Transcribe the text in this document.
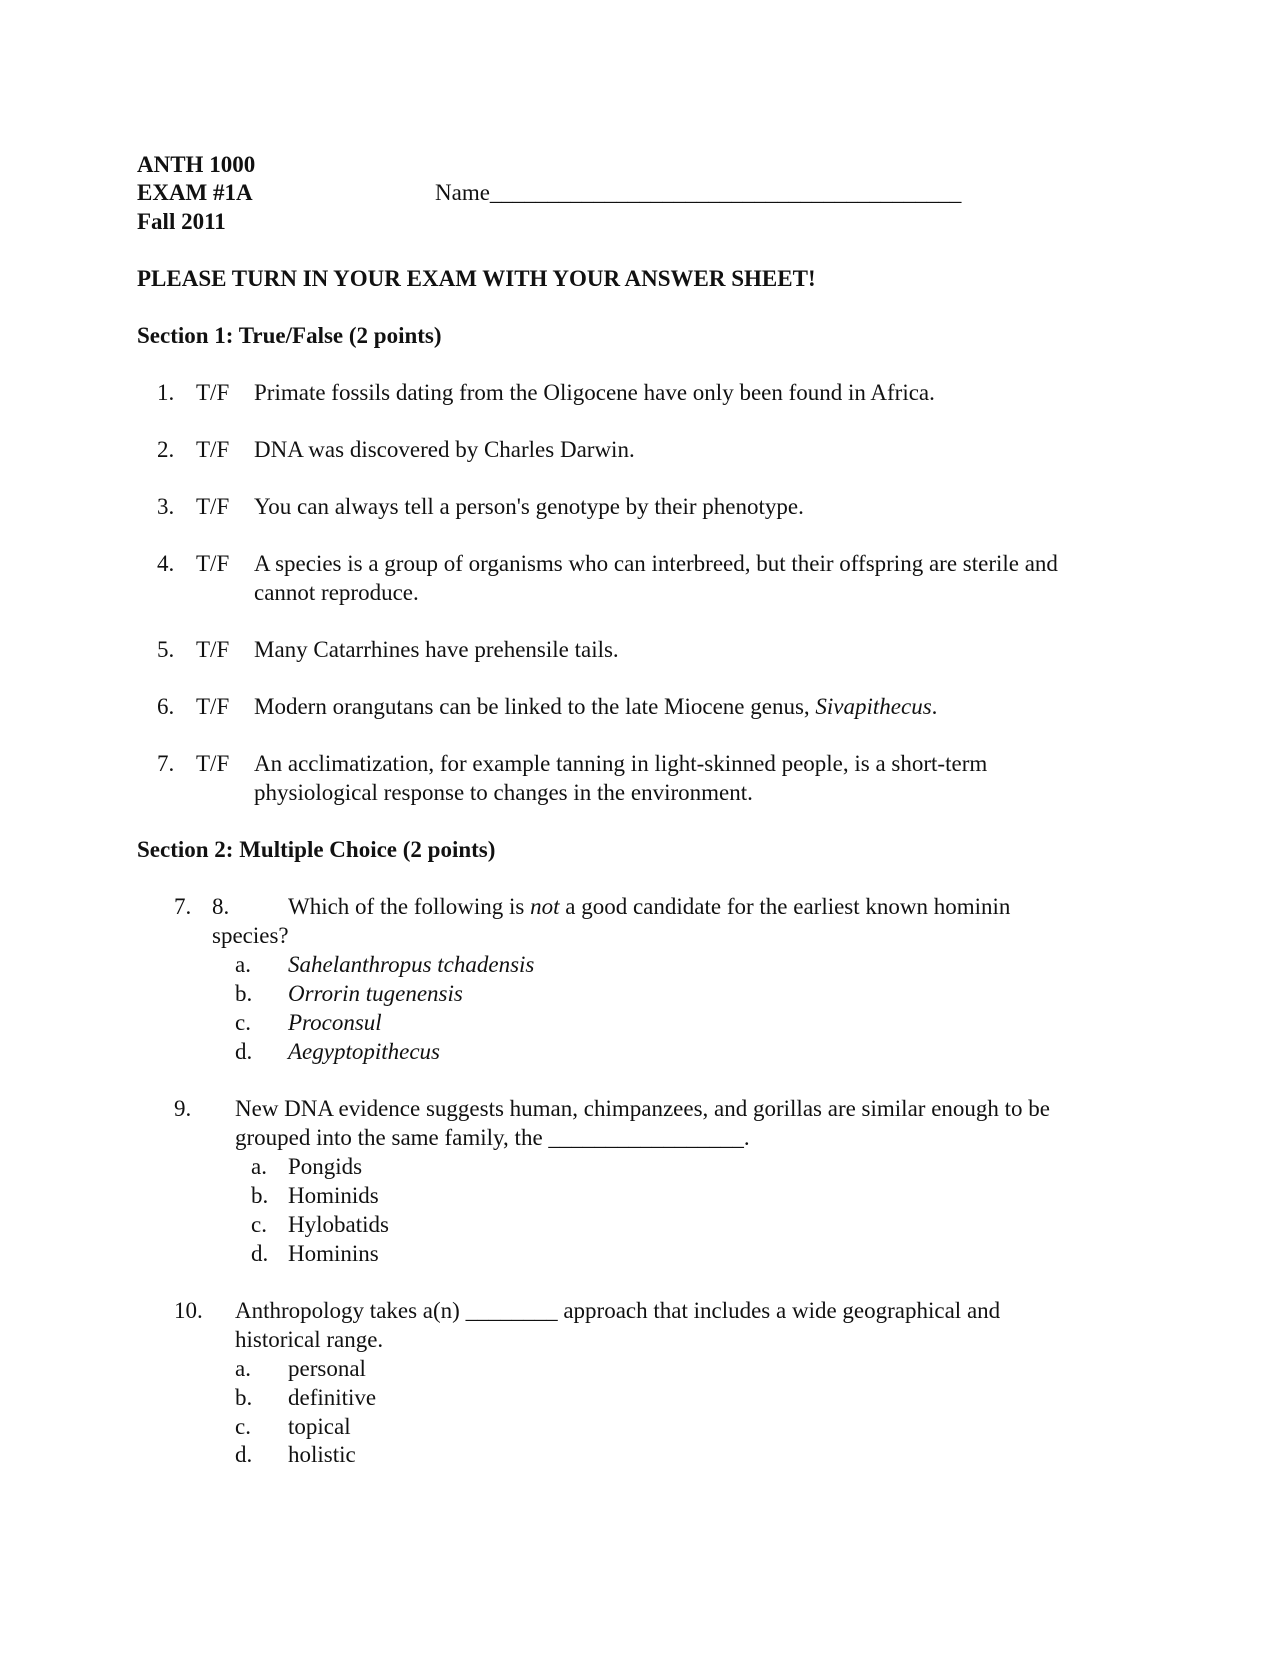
ANTH 1000
EXAM #1A
Fall 2011
Name_________________________________________
PLEASE TURN IN YOUR EXAM WITH YOUR ANSWER SHEET!
Section 1: True/False (2 points)
1. T/F Primate fossils dating from the Oligocene have only been found in Africa.
2. T/F DNA was discovered by Charles Darwin.
3. T/F You can always tell a person's genotype by their phenotype.
4. T/F A species is a group of organisms who can interbreed, but their offspring are sterile and
cannot reproduce.
5. T/F Many Catarrhines have prehensile tails.
6. T/F Modern orangutans can be linked to the late Miocene genus, Sivapithecus.
7. T/F An acclimatization, for example tanning in light-skinned people, is a short-term
physiological response to changes in the environment.
Section 2: Multiple Choice (2 points)
7. 8.	Which of the following is not a good candidate for the earliest known hominin
species?
a. Sahelanthropus tchadensis
b. Orrorin tugenensis
c. Proconsul
d. Aegyptopithecus
9. New DNA evidence suggests human, chimpanzees, and gorillas are similar enough to be
grouped into the same family, the _________________.
a. Pongids
b. Hominids
c. Hylobatids
d. Hominins
10. Anthropology takes a(n) ________ approach that includes a wide geographical and
historical range.
a. personal
b. definitive
c. topical
d. holistic
